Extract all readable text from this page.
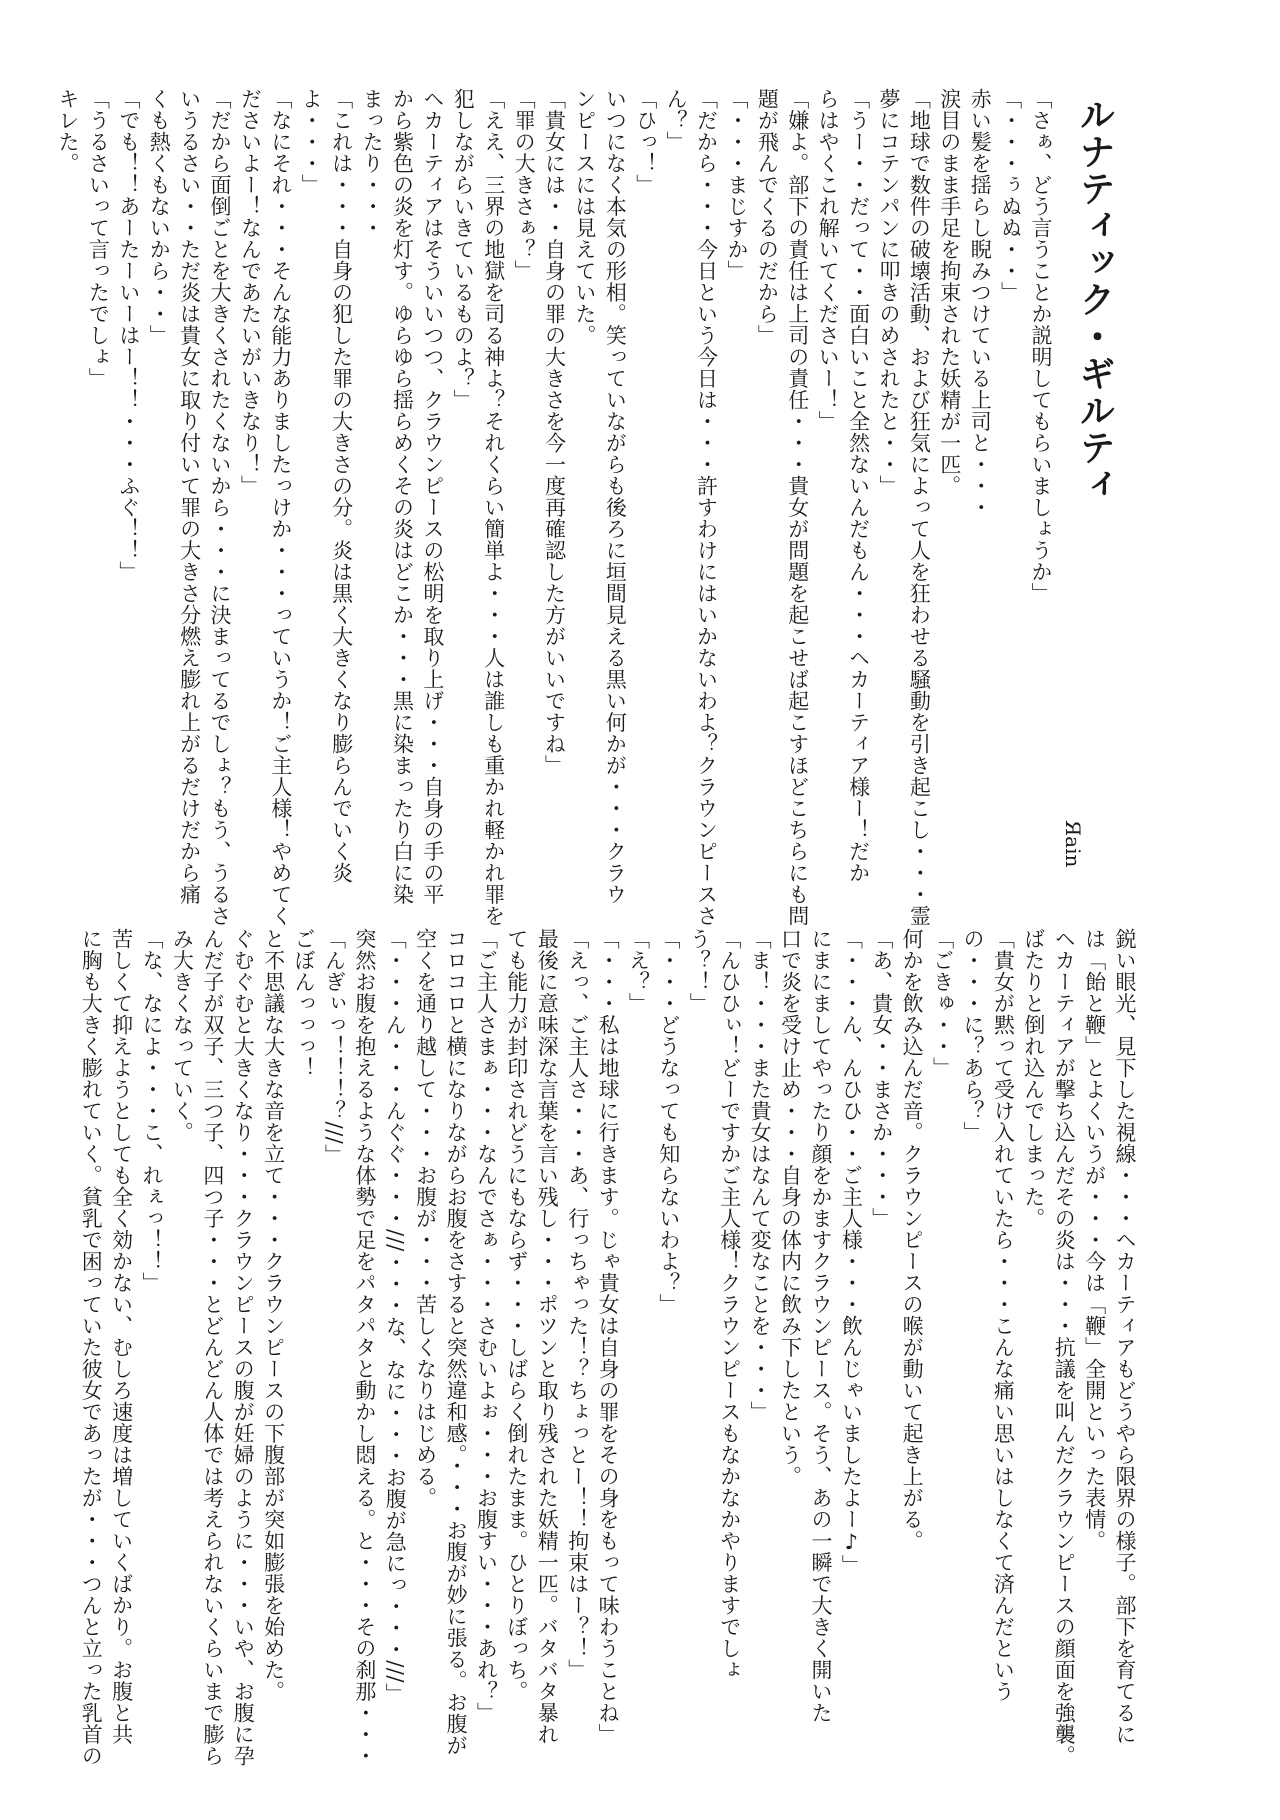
ルナティック・ギルティ
Яain
「さぁ、どう言うことか説明してもらいましょうか」
「・・・ぅぬぬ・・」
赤い髪を揺らし睨みつけている上司と・・・
涙目のまま手足を拘束された妖精が一匹。
「地球で数件の破壊活動、および狂気によって人を狂わせる騒動を引き起こし・・・霊
夢にコテンパンに叩きのめされたと・・」
「うー・・だって・・面白いこと全然ないんだもん・・・ヘカーティア様ー！だか
らはやくこれ解いてくださいー！」
「嫌よ。部下の責任は上司の責任・・・貴女が問題を起こせば起こすほどこちらにも問
題が飛んでくるのだから」
「・・・まじすか」
「だから・・・今日という今日は・・・許すわけにはいかないわよ？クラウンピースさ
ん？」
「ひっ！」
いつになく本気の形相。笑っていながらも後ろに垣間見える黒い何かが・・・クラウ
ンピースには見えていた。
「貴女には・・自身の罪の大きさを今一度再確認した方がいいですね」
「罪の大きさぁ？」
「ええ、三界の地獄を司る神よ？それくらい簡単よ・・・人は誰しも重かれ軽かれ罪を
犯しながらいきているものよ？」
ヘカーティアはそういいつつ、クラウンピースの松明を取り上げ・・・自身の手の平
から紫色の炎を灯す。ゆらゆら揺らめくその炎はどこか・・・黒に染まったり白に染
まったり・・・
「これは・・・自身の犯した罪の大きさの分。炎は黒く大きくなり膨らんでいく炎
よ・・・」
「なにそれ・・・そんな能力ありましたっけか・・・っていうか！ご主人様！やめてく
ださいよー！なんであたいがいきなり！」
「だから面倒ごとを大きくされたくないから・・・に決まってるでしょ？もう、うるさ
いうるさい・・ただ炎は貴女に取り付いて罪の大きさ分燃え膨れ上がるだけだから痛
くも熱くもないから・・」
「でも！！あーたーいーはー！！・・・ふぐ！！」
「うるさいって言ったでしょ」
キレた。
鋭い眼光、見下した視線・・・ヘカーティアもどうやら限界の様子。部下を育てるに
は「飴と鞭」とよくいうが・・・今は「鞭」全開といった表情。
ヘカーティアが撃ち込んだその炎は・・・抗議を叫んだクラウンピースの顔面を強襲。
ばたりと倒れ込んでしまった。
「貴女が黙って受け入れていたら・・・こんな痛い思いはしなくて済んだという
の・・・に？あら？」
「ごきゅ・・」
何かを飲み込んだ音。クラウンピースの喉が動いて起き上がる。
「あ、貴女・・まさか・・・」
「・・・ん、んひひ・・ご主人様・・・飲んじゃいましたよー♪」
にまにましてやったり顔をかますクラウンピース。そう、あの一瞬で大きく開いた
口で炎を受け止め・・・自身の体内に飲み下したという。
「ま！・・・また貴女はなんて変なことを・・・」
「んひひぃ！どーですかご主人様！クラウンピースもなかなかやりますでしょ
う？！」
「・・・どうなっても知らないわよ？」
「え？」
「・・・私は地球に行きます。じゃ貴女は自身の罪をその身をもって味わうことね」
「えっ、ご主人さ・・・あ、行っちゃった！？ちょっとー！！拘束はー？！」
最後に意味深な言葉を言い残し・・・ポツンと取り残された妖精一匹。バタバタ暴れ
ても能力が封印されどうにもならず・・・しばらく倒れたまま。ひとりぼっち。
「ご主人さまぁ・・・なんでさぁ・・・さむいよぉ・・・お腹すい・・・あれ？」
コロコロと横になりながらお腹をさすると突然違和感。・・・お腹が妙に張る。お腹が
空くを通り越して・・・お腹が・・・苦しくなりはじめる。
「・・・ん・・・んぐぐ・・・///・・・な、なに・・・お腹が急にっ・・・///」
突然お腹を抱えるような体勢で足をパタパタと動かし悶える。と・・・その刹那・・・
「んぎぃっ！！！？///」
ごぼんっっっ！
と不思議な大きな音を立て・・・クラウンピースの下腹部が突如膨張を始めた。
ぐむぐむと大きくなり・・・クラウンピースの腹が妊婦のように・・・いや、お腹に孕
んだ子が双子、三つ子、四つ子・・・とどんどん人体では考えられないくらいまで膨ら
み大きくなっていく。
「な、なによ・・・こ、れぇっ！！」
苦しくて抑えようとしても全く効かない、むしろ速度は増していくばかり。お腹と共
に胸も大きく膨れていく。貧乳で困っていた彼女であったが・・・つんと立った乳首の
